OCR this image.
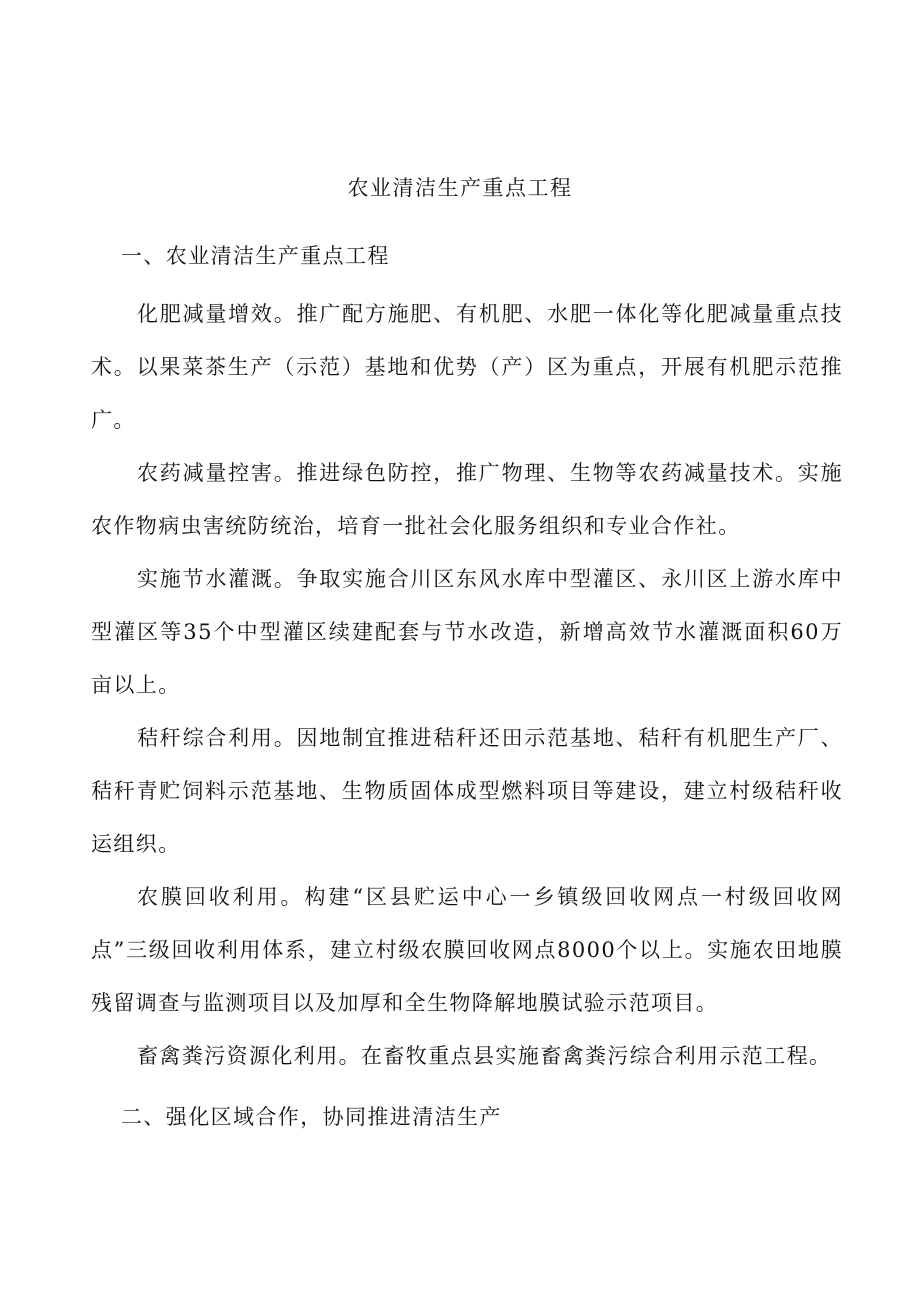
农业清洁生产重点工程
一、农业清洁生产重点工程

化肥减量增效。推广配方施肥、有机肥、水肥一体化等化肥减量重点技术。以果菜茶生产（示范）基地和优势（产）区为重点，开展有机肥示范推广。

农药减量控害。推进绿色防控，推广物理、生物等农药减量技术。实施农作物病虫害统防统治，培育一批社会化服务组织和专业合作社。

实施节水灌溉。争取实施合川区东风水库中型灌区、永川区上游水库中型灌区等35个中型灌区续建配套与节水改造，新增高效节水灌溉面积60万亩以上。

秸秆综合利用。因地制宜推进秸秆还田示范基地、秸秆有机肥生产厂、秸秆青贮饲料示范基地、生物质固体成型燃料项目等建设，建立村级秸秆收运组织。

农膜回收利用。构建“区县贮运中心一乡镇级回收网点一村级回收网点”三级回收利用体系，建立村级农膜回收网点8000个以上。实施农田地膜残留调查与监测项目以及加厚和全生物降解地膜试验示范项目。

畜禽粪污资源化利用。在畜牧重点县实施畜禽粪污综合利用示范工程。

二、强化区域合作，协同推进清洁生产
